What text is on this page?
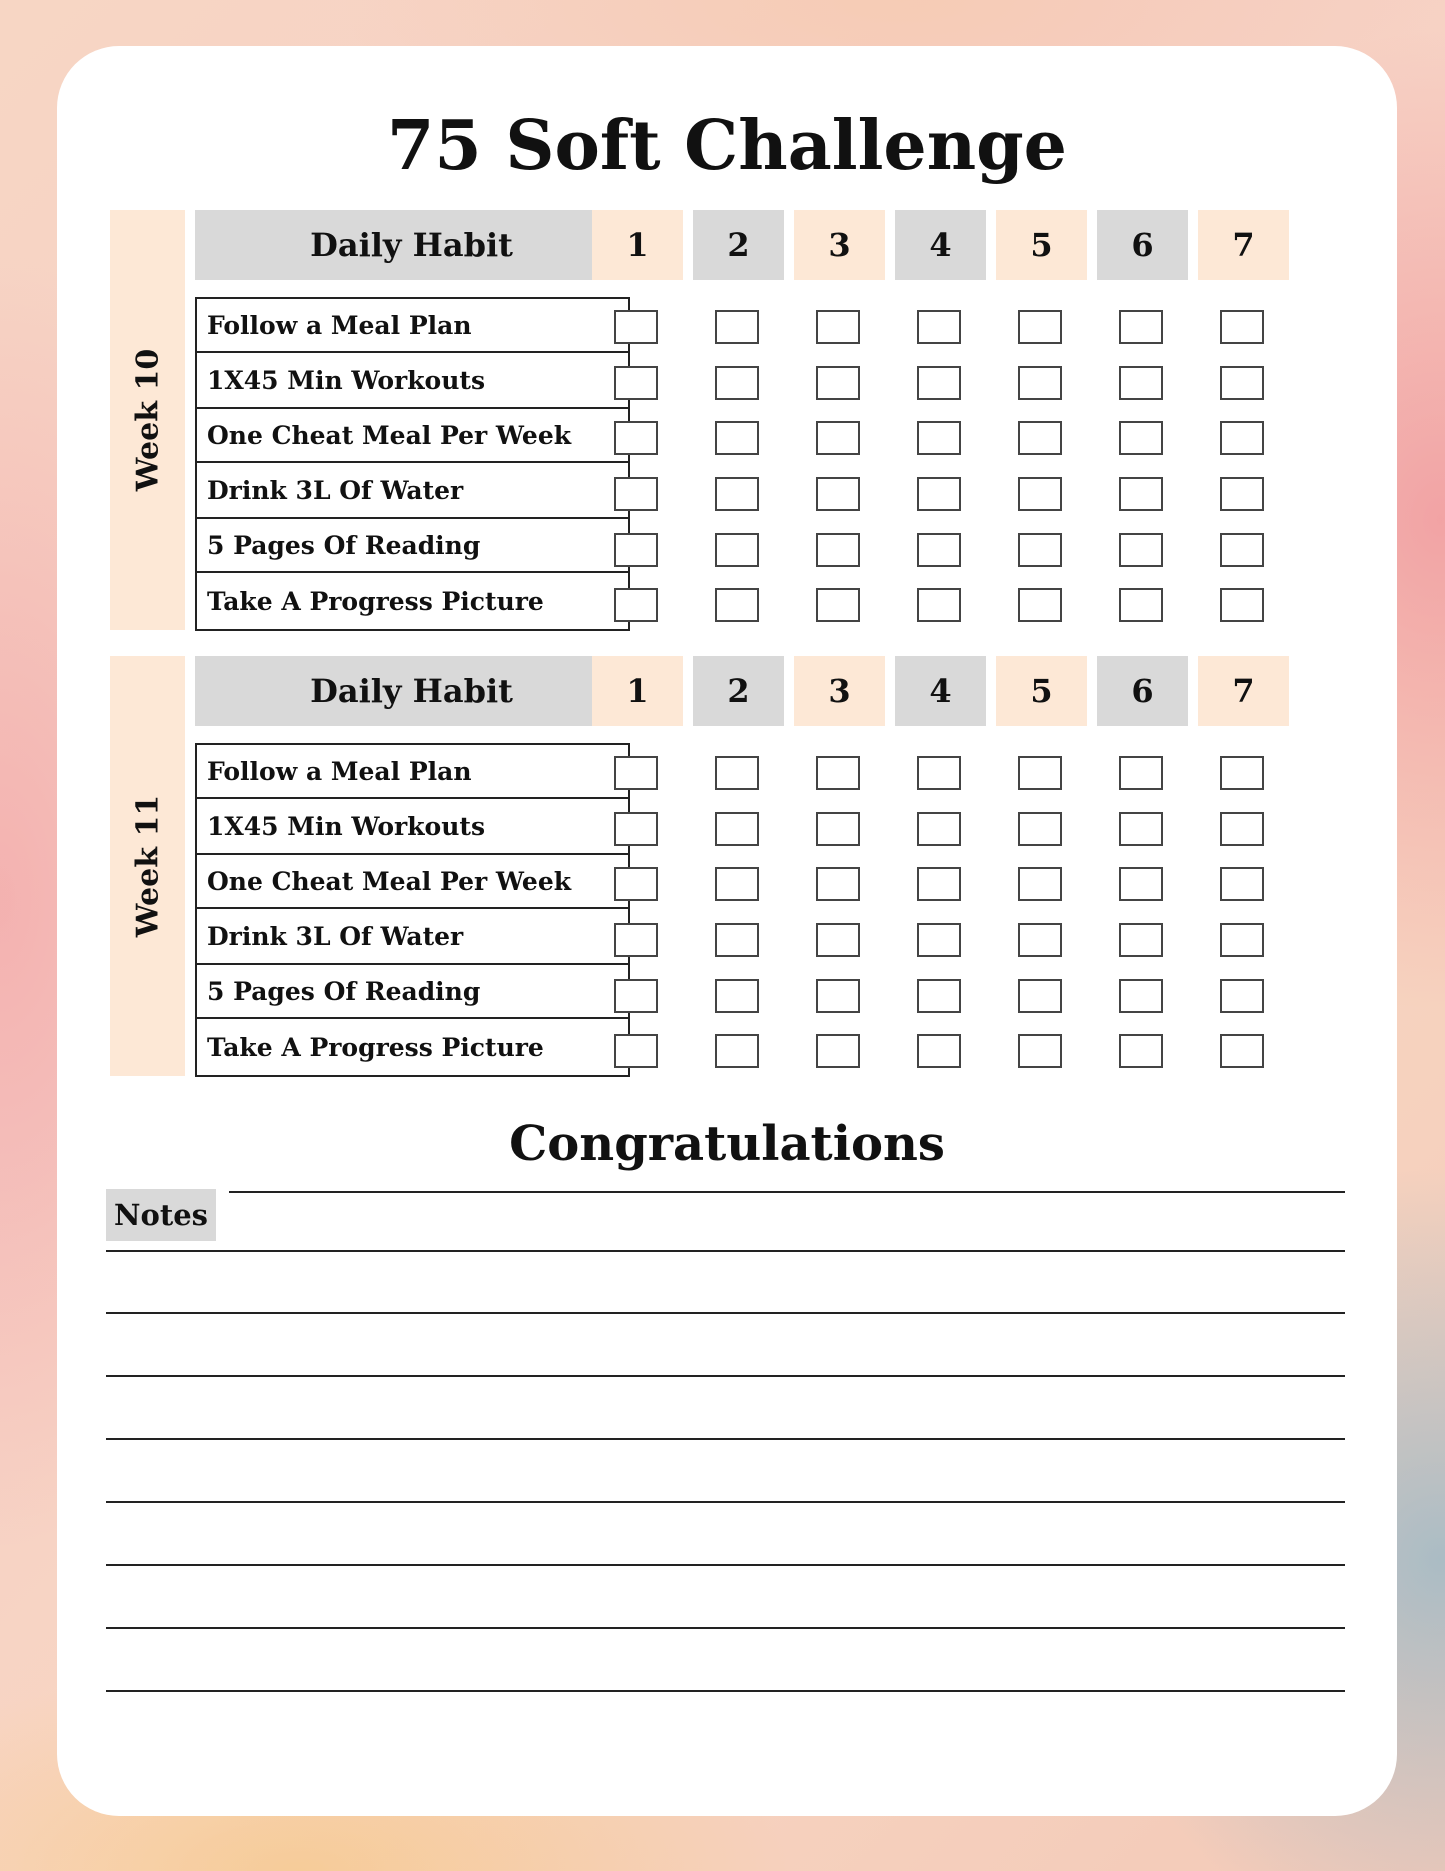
75 Soft Challenge
Week 10
Daily Habit	1	2	3	4	5	6	7
Follow a Meal Plan
1X45 Min Workouts
One Cheat Meal Per Week
Drink 3L Of Water
5 Pages Of Reading
Take A Progress Picture
Week 11
Daily Habit	1	2	3	4	5	6	7
Follow a Meal Plan
1X45 Min Workouts
One Cheat Meal Per Week
Drink 3L Of Water
5 Pages Of Reading
Take A Progress Picture
Congratulations
Notes
